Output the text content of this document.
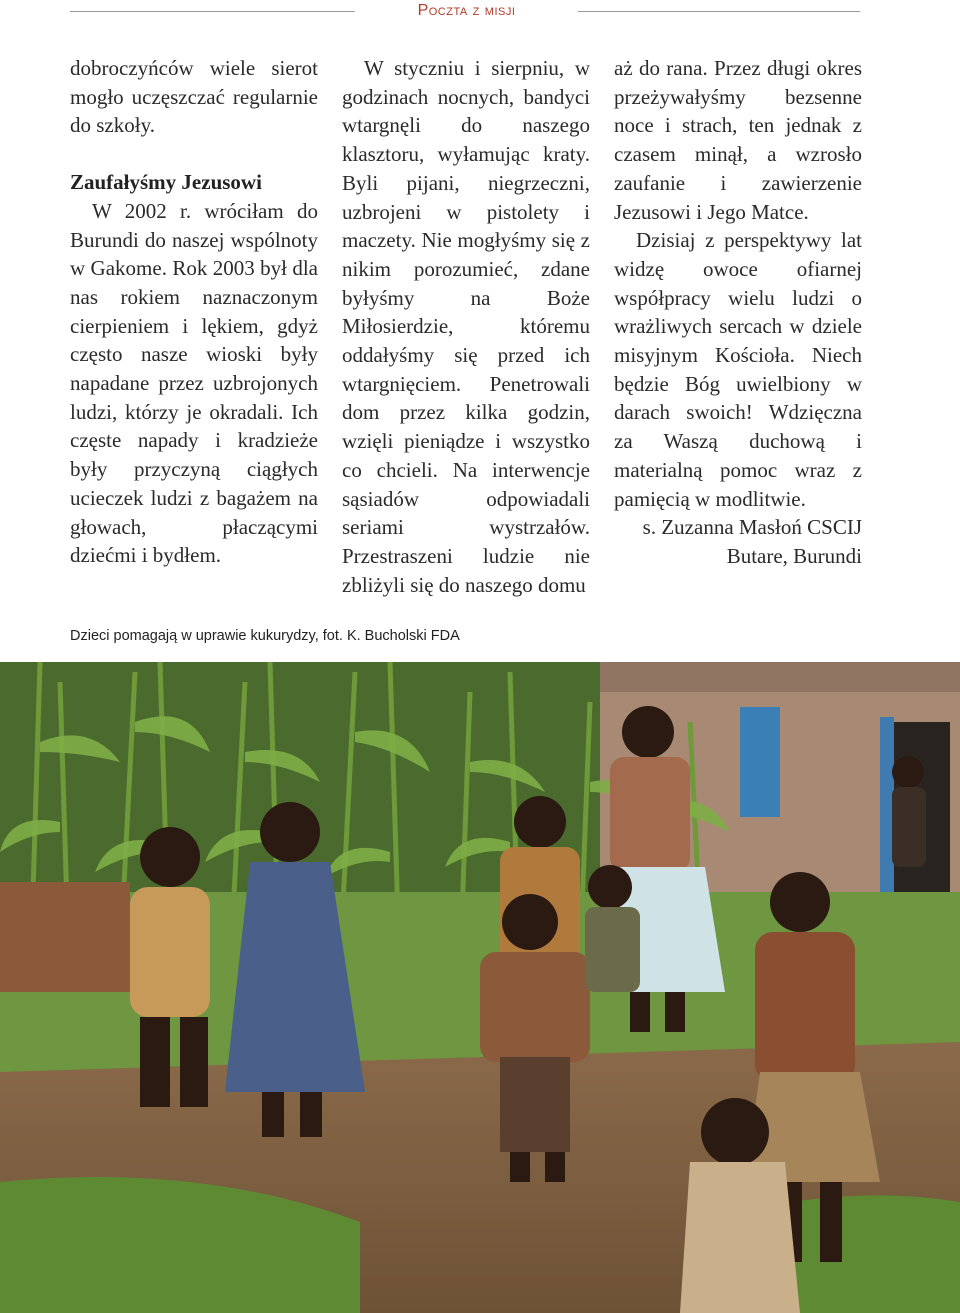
Poczta z misji

dobroczyńców wiele sierot mogło uczęszczać regularnie do szkoły.

Zaufałyśmy Jezusowi

W 2002 r. wróciłam do Burundi do naszej wspólnoty w Gakome. Rok 2003 był dla nas rokiem naznaczonym cierpieniem i lękiem, gdyż często nasze wioski były napadane przez uzbrojonych ludzi, którzy je okradali. Ich częste napady i kradzieże były przyczyną ciągłych ucieczek ludzi z bagażem na głowach, płaczącymi dziećmi i bydłem.

W styczniu i sierpniu, w godzinach nocnych, bandyci wtargnęli do naszego klasztoru, wyłamując kraty. Byli pijani, niegrzeczni, uzbrojeni w pistolety i maczety. Nie mogłyśmy się z nikim porozumieć, zdane byłyśmy na Boże Miłosierdzie, któremu oddałyśmy się przed ich wtargnięciem. Penetrowali dom przez kilka godzin, wzięli pieniądze i wszystko co chcieli. Na interwencje sąsiadów odpowiadali seriami wystrzałów. Przestraszeni ludzie nie zbliżyli się do naszego domu

aż do rana. Przez długi okres przeżywałyśmy bezsenne noce i strach, ten jednak z czasem minął, a wzrosło zaufanie i zawierzenie Jezusowi i Jego Matce.

Dzisiaj z perspektywy lat widzę owoce ofiarnej współpracy wielu ludzi o wrażliwych sercach w dziele misyjnym Kościoła. Niech będzie Bóg uwielbiony w darach swoich! Wdzięczna za Waszą duchową i materialną pomoc wraz z pamięcią w modlitwie.

s. Zuzanna Masłoń CSCIJ

Butare, Burundi

Dzieci pomagają w uprawie kukurydzy, fot. K. Bucholski FDA
